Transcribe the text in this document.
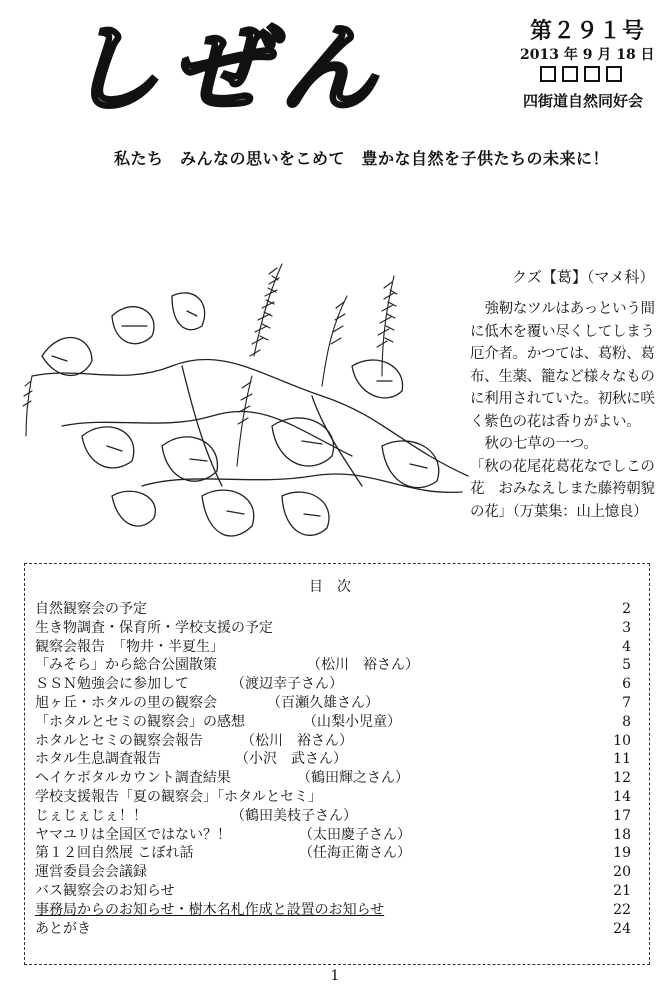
しぜん	第２９１号
2013 年 9 月 18 日
四街道自然同好会
私たち　みんなの思いをこめて　豊かな自然を子供たちの未来に！
クズ【葛】（マメ科）

強靭なツルはあっという間

に低木を覆い尽くしてしまう

厄介者。かつては、葛粉、葛

布、生薬、籠など様々なもの

に利用されていた。初秋に咲

く紫色の花は香りがよい。

秋の七草の一つ。

「秋の花尾花葛花なでしこの

花　おみなえしまた藤袴朝貌

の花」（万葉集：山上憶良）

目次
自然観察会の予定	2
生き物調査・保育所・学校支援の予定	3
観察会報告　「物井・半夏生」	4
「みそら」から総合公園散策	（松川　裕さん）	5
ＳＳＮ勉強会に参加して	（渡辺幸子さん）	6
旭ヶ丘・ホタルの里の観察会	（百瀬久雄さん）	7
「ホタルとセミの観察会」の感想	（山梨小児童）	8
ホタルとセミの観察会報告	（松川　裕さん）	10
ホタル生息調査報告	（小沢　武さん）	11
ヘイケボタルカウント調査結果	（鶴田輝之さん）	12
学校支援報告「夏の観察会」「ホタルとセミ」	14
じぇじぇじぇ！！	（鶴田美枝子さん）	17
ヤマユリは全国区ではない？！	（太田慶子さん）	18
第１２回自然展 こぼれ話	（任海正衛さん）	19
運営委員会会議録	20
バス観察会のお知らせ	21
事務局からのお知らせ・樹木名札作成と設置のお知らせ	22
あとがき	24
1
